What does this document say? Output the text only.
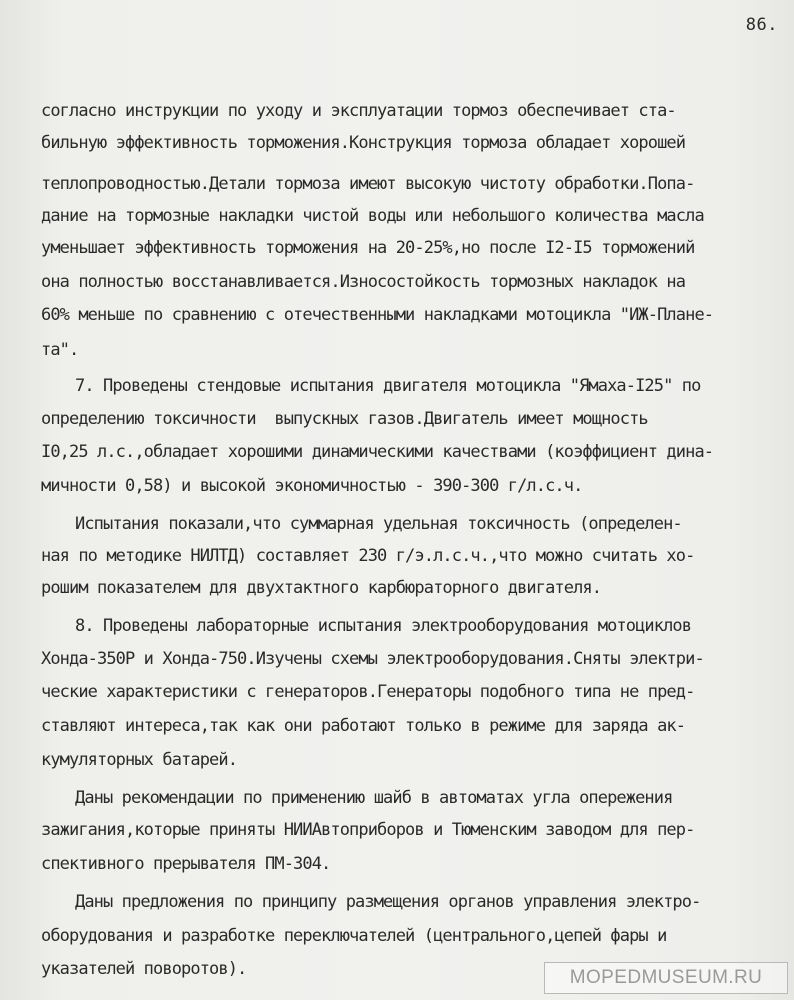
86.
согласно инструкции по уходу и эксплуатации тормоз обеспечивает ста-
бильную эффективность торможения.Конструкция тормоза обладает хорошей
теплопроводностью.Детали тормоза имеют высокую чистоту обработки.Попа-
дание на тормозные накладки чистой воды или небольшого количества масла
уменьшает эффективность торможения на 20-25%,но после I2-I5 торможений
она полностью восстанавливается.Износостойкость тормозных накладок на
60% меньше по сравнению с отечественными накладками мотоцикла "ИЖ-Плане-
та".
7. Проведены стендовые испытания двигателя мотоцикла "Ямаха-I25" по
определению токсичности  выпускных газов.Двигатель имеет мощность
I0,25 л.с.,обладает хорошими динамическими качествами (коэффициент дина-
мичности 0,58) и высокой экономичностью - 390-300 г/л.с.ч.
Испытания показали,что суммарная удельная токсичность (определен-
ная по методике НИЛТД) составляет 230 г/э.л.с.ч.,что можно считать хо-
рошим показателем для двухтактного карбюраторного двигателя.
8. Проведены лабораторные испытания электрооборудования мотоциклов
Хонда-350Р и Хонда-750.Изучены схемы электрооборудования.Сняты электри-
ческие характеристики с генераторов.Генераторы подобного типа не пред-
ставляют интереса,так как они работают только в режиме для заряда ак-
кумуляторных батарей.
Даны рекомендации по применению шайб в автоматах угла опережения
зажигания,которые приняты НИИАвтоприборов и Тюменским заводом для пер-
спективного прерывателя ПМ-304.
Даны предложения по принципу размещения органов управления электро-
оборудования и разработке переключателей (центрального,цепей фары и
указателей поворотов).	MOPEDMUSEUM.RU
